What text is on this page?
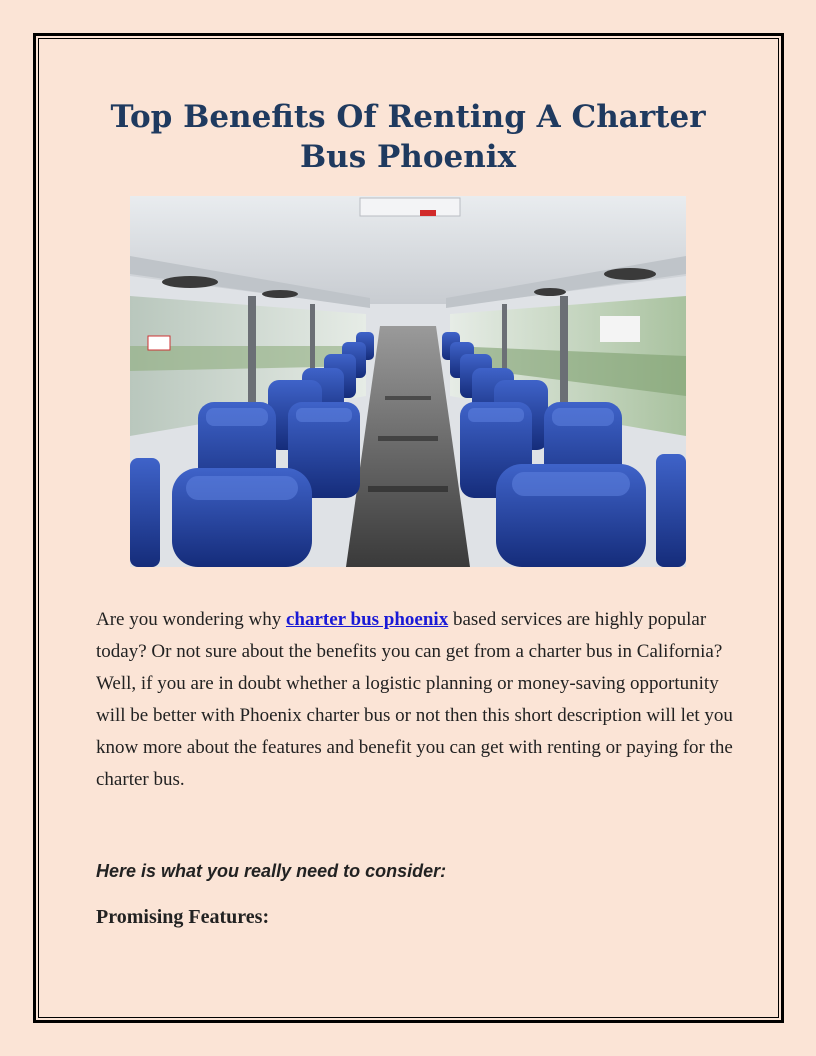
Top Benefits Of Renting A Charter Bus Phoenix

Are you wondering why charter bus phoenix based services are highly popular today? Or not sure about the benefits you can get from a charter bus in California? Well, if you are in doubt whether a logistic planning or money-saving opportunity will be better with Phoenix charter bus or not then this short description will let you know more about the features and benefit you can get with renting or paying for the charter bus.

Here is what you really need to consider:

Promising Features:
